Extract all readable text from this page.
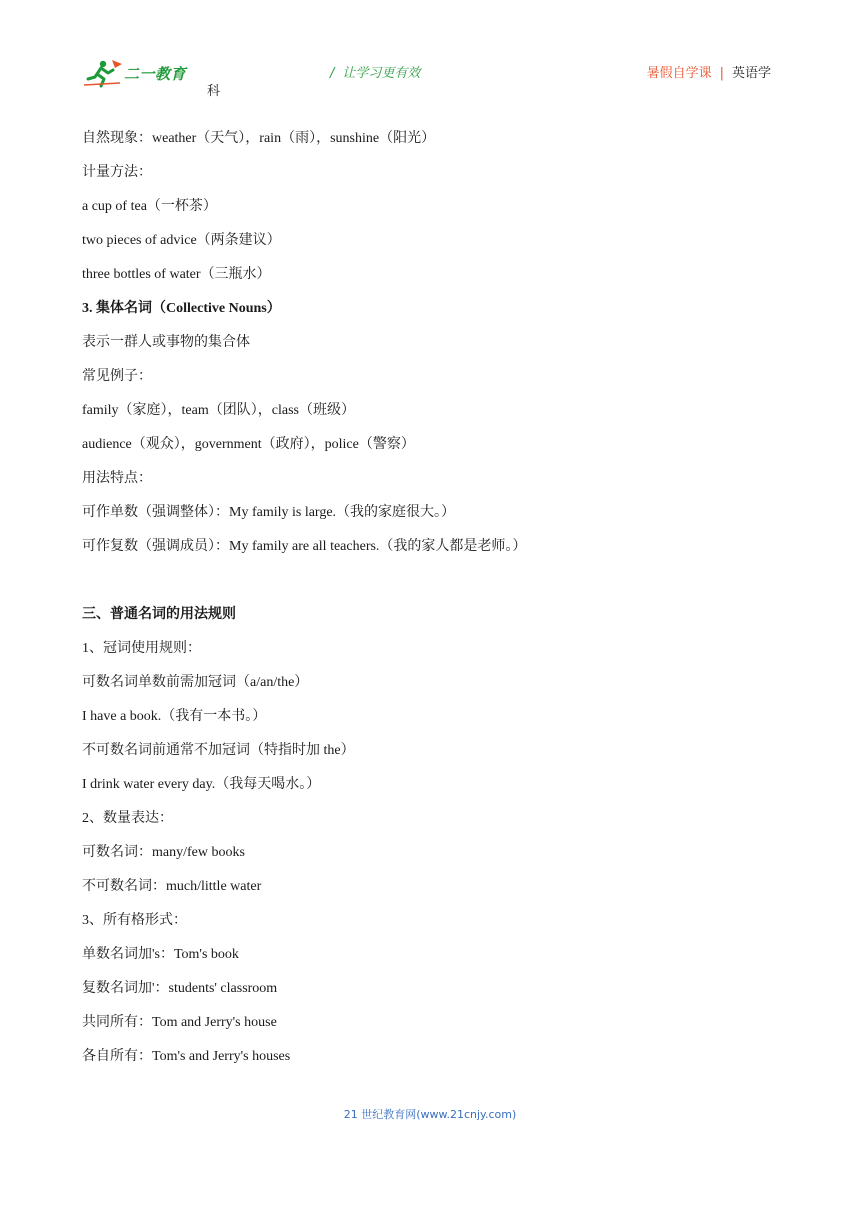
二一教育
科
/ 让学习更有效	暑假自学课 | 英语学
自然现象：weather（天气），rain（雨），sunshine（阳光）
计量方法：
a cup of tea（一杯茶）
two pieces of advice（两条建议）
three bottles of water（三瓶水）
3. 集体名词（Collective Nouns）
表示一群人或事物的集合体
常见例子：
family（家庭），team（团队），class（班级）
audience（观众），government（政府），police（警察）
用法特点：
可作单数（强调整体）：My family is large.（我的家庭很大。）
可作复数（强调成员）：My family are all teachers.（我的家人都是老师。）
三、普通名词的用法规则
1、冠词使用规则：
可数名词单数前需加冠词（a/an/the）
I have a book.（我有一本书。）
不可数名词前通常不加冠词（特指时加 the）
I drink water every day.（我每天喝水。）
2、数量表达：
可数名词：many/few books
不可数名词：much/little water
3、所有格形式：
单数名词加's：Tom's book
复数名词加'：students' classroom
共同所有：Tom and Jerry's house
各自所有：Tom's and Jerry's houses
21 世纪教育网(www.21cnjy.com)
